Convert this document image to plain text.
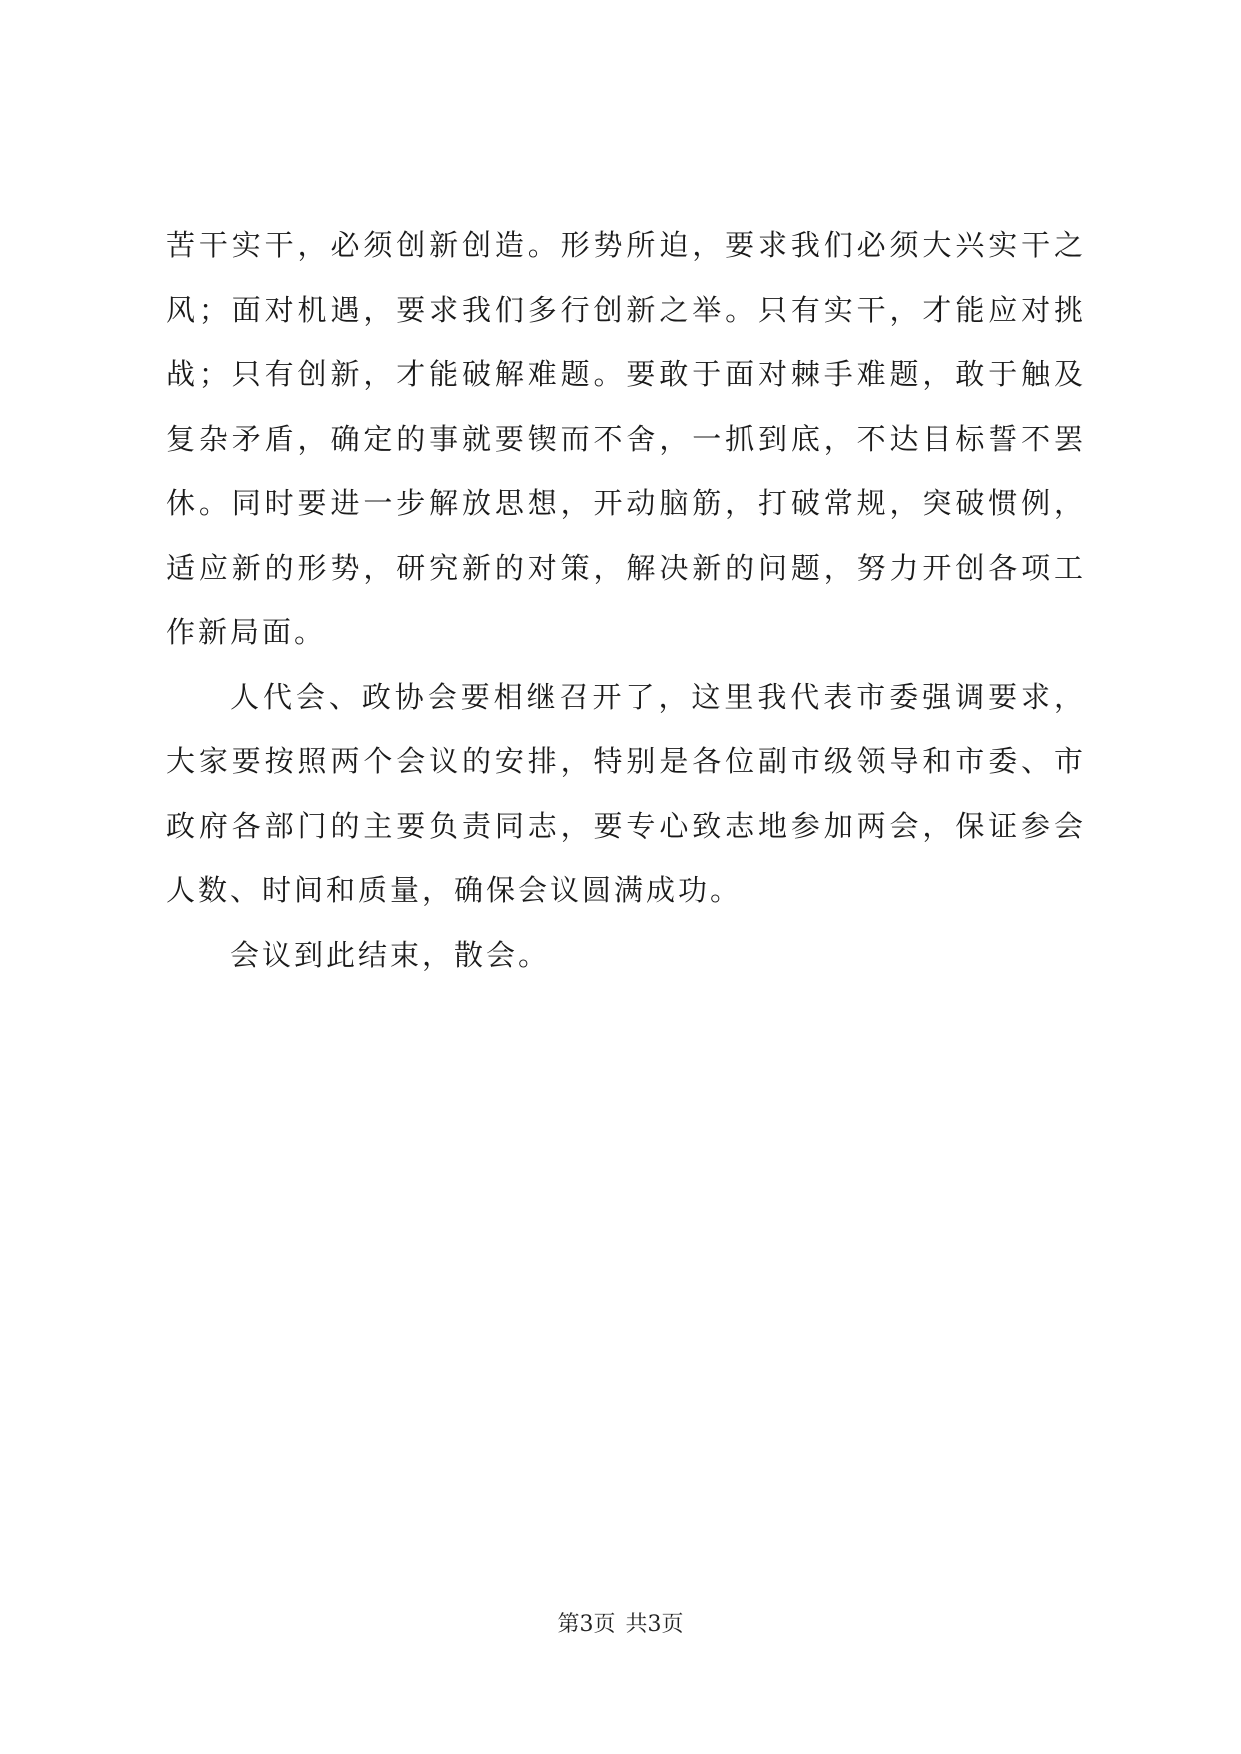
苦干实干，必须创新创造。形势所迫，要求我们必须大兴实干之
风；面对机遇，要求我们多行创新之举。只有实干，才能应对挑
战；只有创新，才能破解难题。要敢于面对棘手难题，敢于触及
复杂矛盾，确定的事就要锲而不舍，一抓到底，不达目标誓不罢
休。同时要进一步解放思想，开动脑筋，打破常规，突破惯例，
适应新的形势，研究新的对策，解决新的问题，努力开创各项工
作新局面。
人代会、政协会要相继召开了，这里我代表市委强调要求，
大家要按照两个会议的安排，特别是各位副市级领导和市委、市
政府各部门的主要负责同志，要专心致志地参加两会，保证参会
人数、时间和质量，确保会议圆满成功。
会议到此结束，散会。
第3页 共3页
